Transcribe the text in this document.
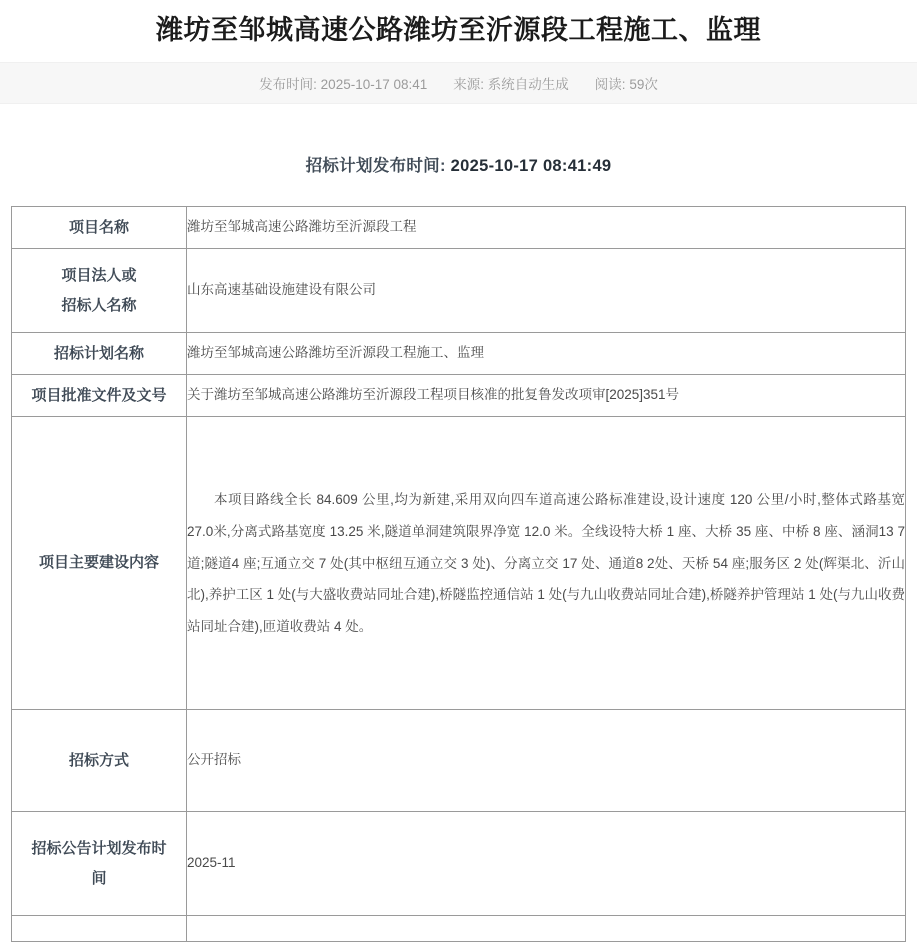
潍坊至邹城高速公路潍坊至沂源段工程施工、监理
发布时间: 2025-10-17 08:41 来源: 系统自动生成 阅读: 59次
招标计划发布时间: 2025-10-17 08:41:49
项目名称	潍坊至邹城高速公路潍坊至沂源段工程

项目法人或
招标人名称	山东高速基础设施建设有限公司
招标计划名称	潍坊至邹城高速公路潍坊至沂源段工程施工、监理
项目批准文件及文号	关于潍坊至邹城高速公路潍坊至沂源段工程项目核准的批复鲁发改项审[2025]351号
项目主要建设内容	本项目路线全长 84.609 公里,均为新建,采用双向四车道高速公路标准建设,设计速度 120 公里/小时,整体式路基宽 27.0米,分离式路基宽度 13.25 米,隧道单洞建筑限界净宽 12.0 米。全线设特大桥 1 座、大桥 35 座、中桥 8 座、涵洞13 7道;隧道4 座;互通立交 7 处(其中枢纽互通立交 3 处)、分离立交 17 处、通道8 2处、天桥 54 座;服务区 2 处(辉渠北、沂山北),养护工区 1 处(与大盛收费站同址合建),桥隧监控通信站 1 处(与九山收费站同址合建),桥隧养护管理站 1 处(与九山收费站同址合建),匝道收费站 4 处。

招标方式	公开招标

招标公告计划发布时
间	2025-11
